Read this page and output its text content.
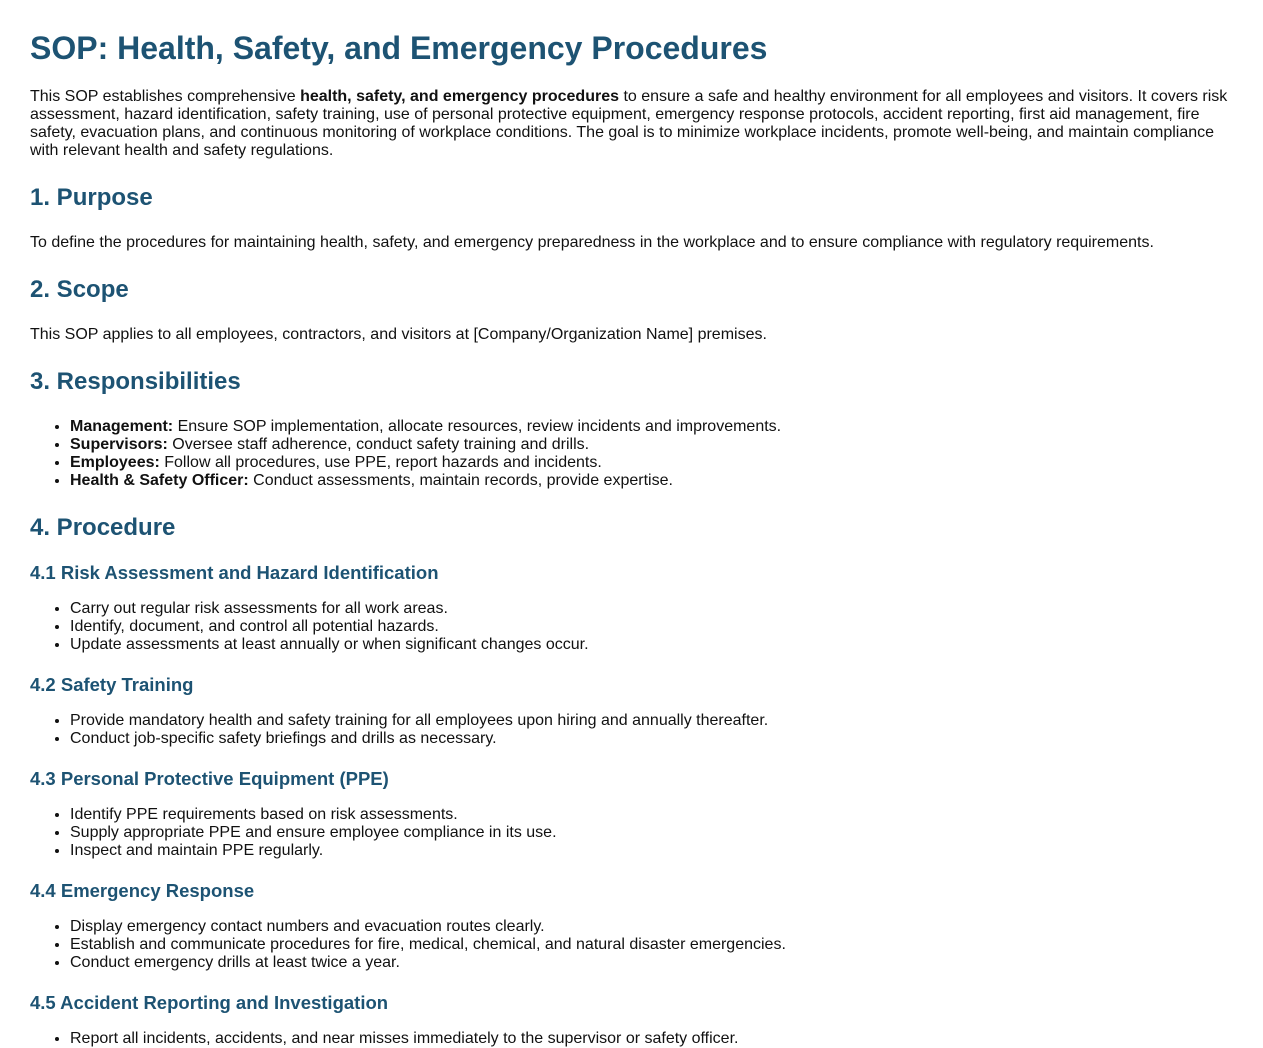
SOP: Health, Safety, and Emergency Procedures

This SOP establishes comprehensive health, safety, and emergency procedures to ensure a safe and healthy environment for all employees and visitors. It covers risk assessment, hazard identification, safety training, use of personal protective equipment, emergency response protocols, accident reporting, first aid management, fire safety, evacuation plans, and continuous monitoring of workplace conditions. The goal is to minimize workplace incidents, promote well-being, and maintain compliance with relevant health and safety regulations.

1. Purpose

To define the procedures for maintaining health, safety, and emergency preparedness in the workplace and to ensure compliance with regulatory requirements.

2. Scope

This SOP applies to all employees, contractors, and visitors at [Company/Organization Name] premises.

3. Responsibilities
• Management: Ensure SOP implementation, allocate resources, review incidents and improvements.
• Supervisors: Oversee staff adherence, conduct safety training and drills.
• Employees: Follow all procedures, use PPE, report hazards and incidents.
• Health & Safety Officer: Conduct assessments, maintain records, provide expertise.
4. Procedure
4.1 Risk Assessment and Hazard Identification
• Carry out regular risk assessments for all work areas.
• Identify, document, and control all potential hazards.
• Update assessments at least annually or when significant changes occur.
4.2 Safety Training
• Provide mandatory health and safety training for all employees upon hiring and annually thereafter.
• Conduct job-specific safety briefings and drills as necessary.
4.3 Personal Protective Equipment (PPE)
• Identify PPE requirements based on risk assessments.
• Supply appropriate PPE and ensure employee compliance in its use.
• Inspect and maintain PPE regularly.
4.4 Emergency Response
• Display emergency contact numbers and evacuation routes clearly.
• Establish and communicate procedures for fire, medical, chemical, and natural disaster emergencies.
• Conduct emergency drills at least twice a year.
4.5 Accident Reporting and Investigation
• Report all incidents, accidents, and near misses immediately to the supervisor or safety officer.
